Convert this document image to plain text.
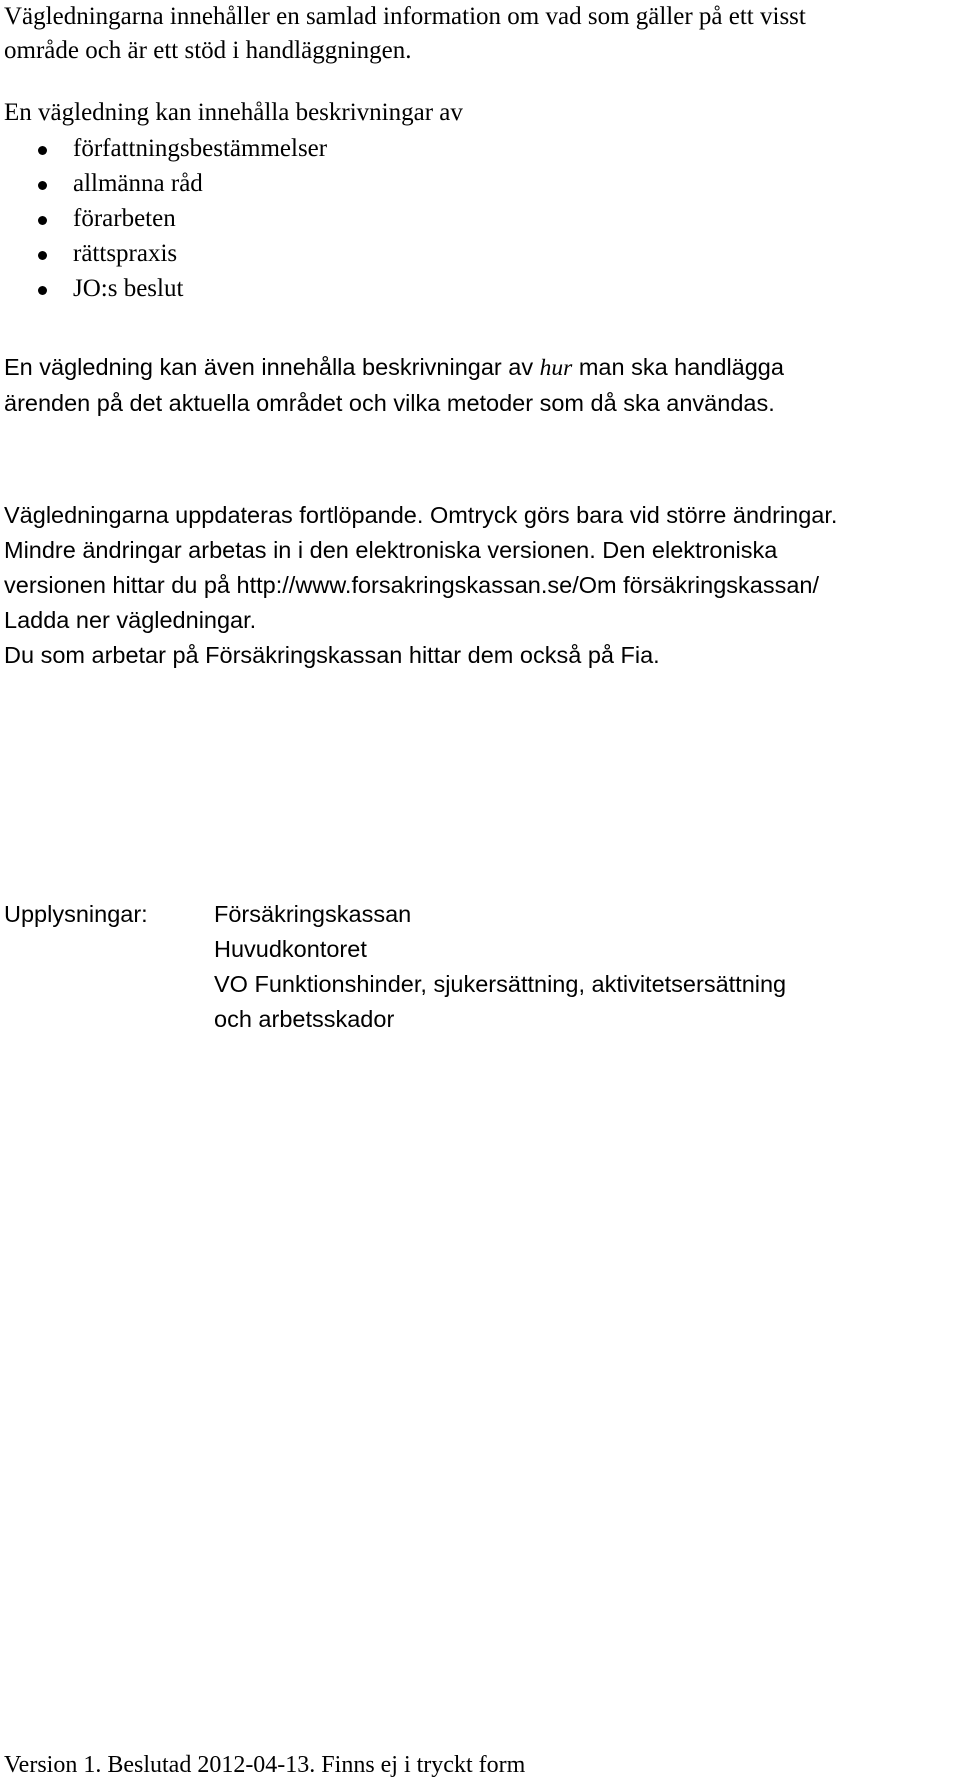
Vägledningarna innehåller en samlad information om vad som gäller på ett visst

område och är ett stöd i handläggningen.

En vägledning kan innehålla beskrivningar av

författningsbestämmelser
allmänna råd
förarbeten
rättspraxis
JO:s beslut

En vägledning kan även innehålla beskrivningar av hur man ska handlägga

ärenden på det aktuella området och vilka metoder som då ska användas.

Vägledningarna uppdateras fortlöpande. Omtryck görs bara vid större ändringar.

Mindre ändringar arbetas in i den elektroniska versionen. Den elektroniska

versionen hittar du på http://www.forsakringskassan.se/Om försäkringskassan/

Ladda ner vägledningar.

Du som arbetar på Försäkringskassan hittar dem också på Fia.

Upplysningar:	Försäkringskassan

Huvudkontoret

VO Funktionshinder, sjukersättning, aktivitetsersättning

och arbetsskador

Version 1. Beslutad 2012-04-13. Finns ej i tryckt form
